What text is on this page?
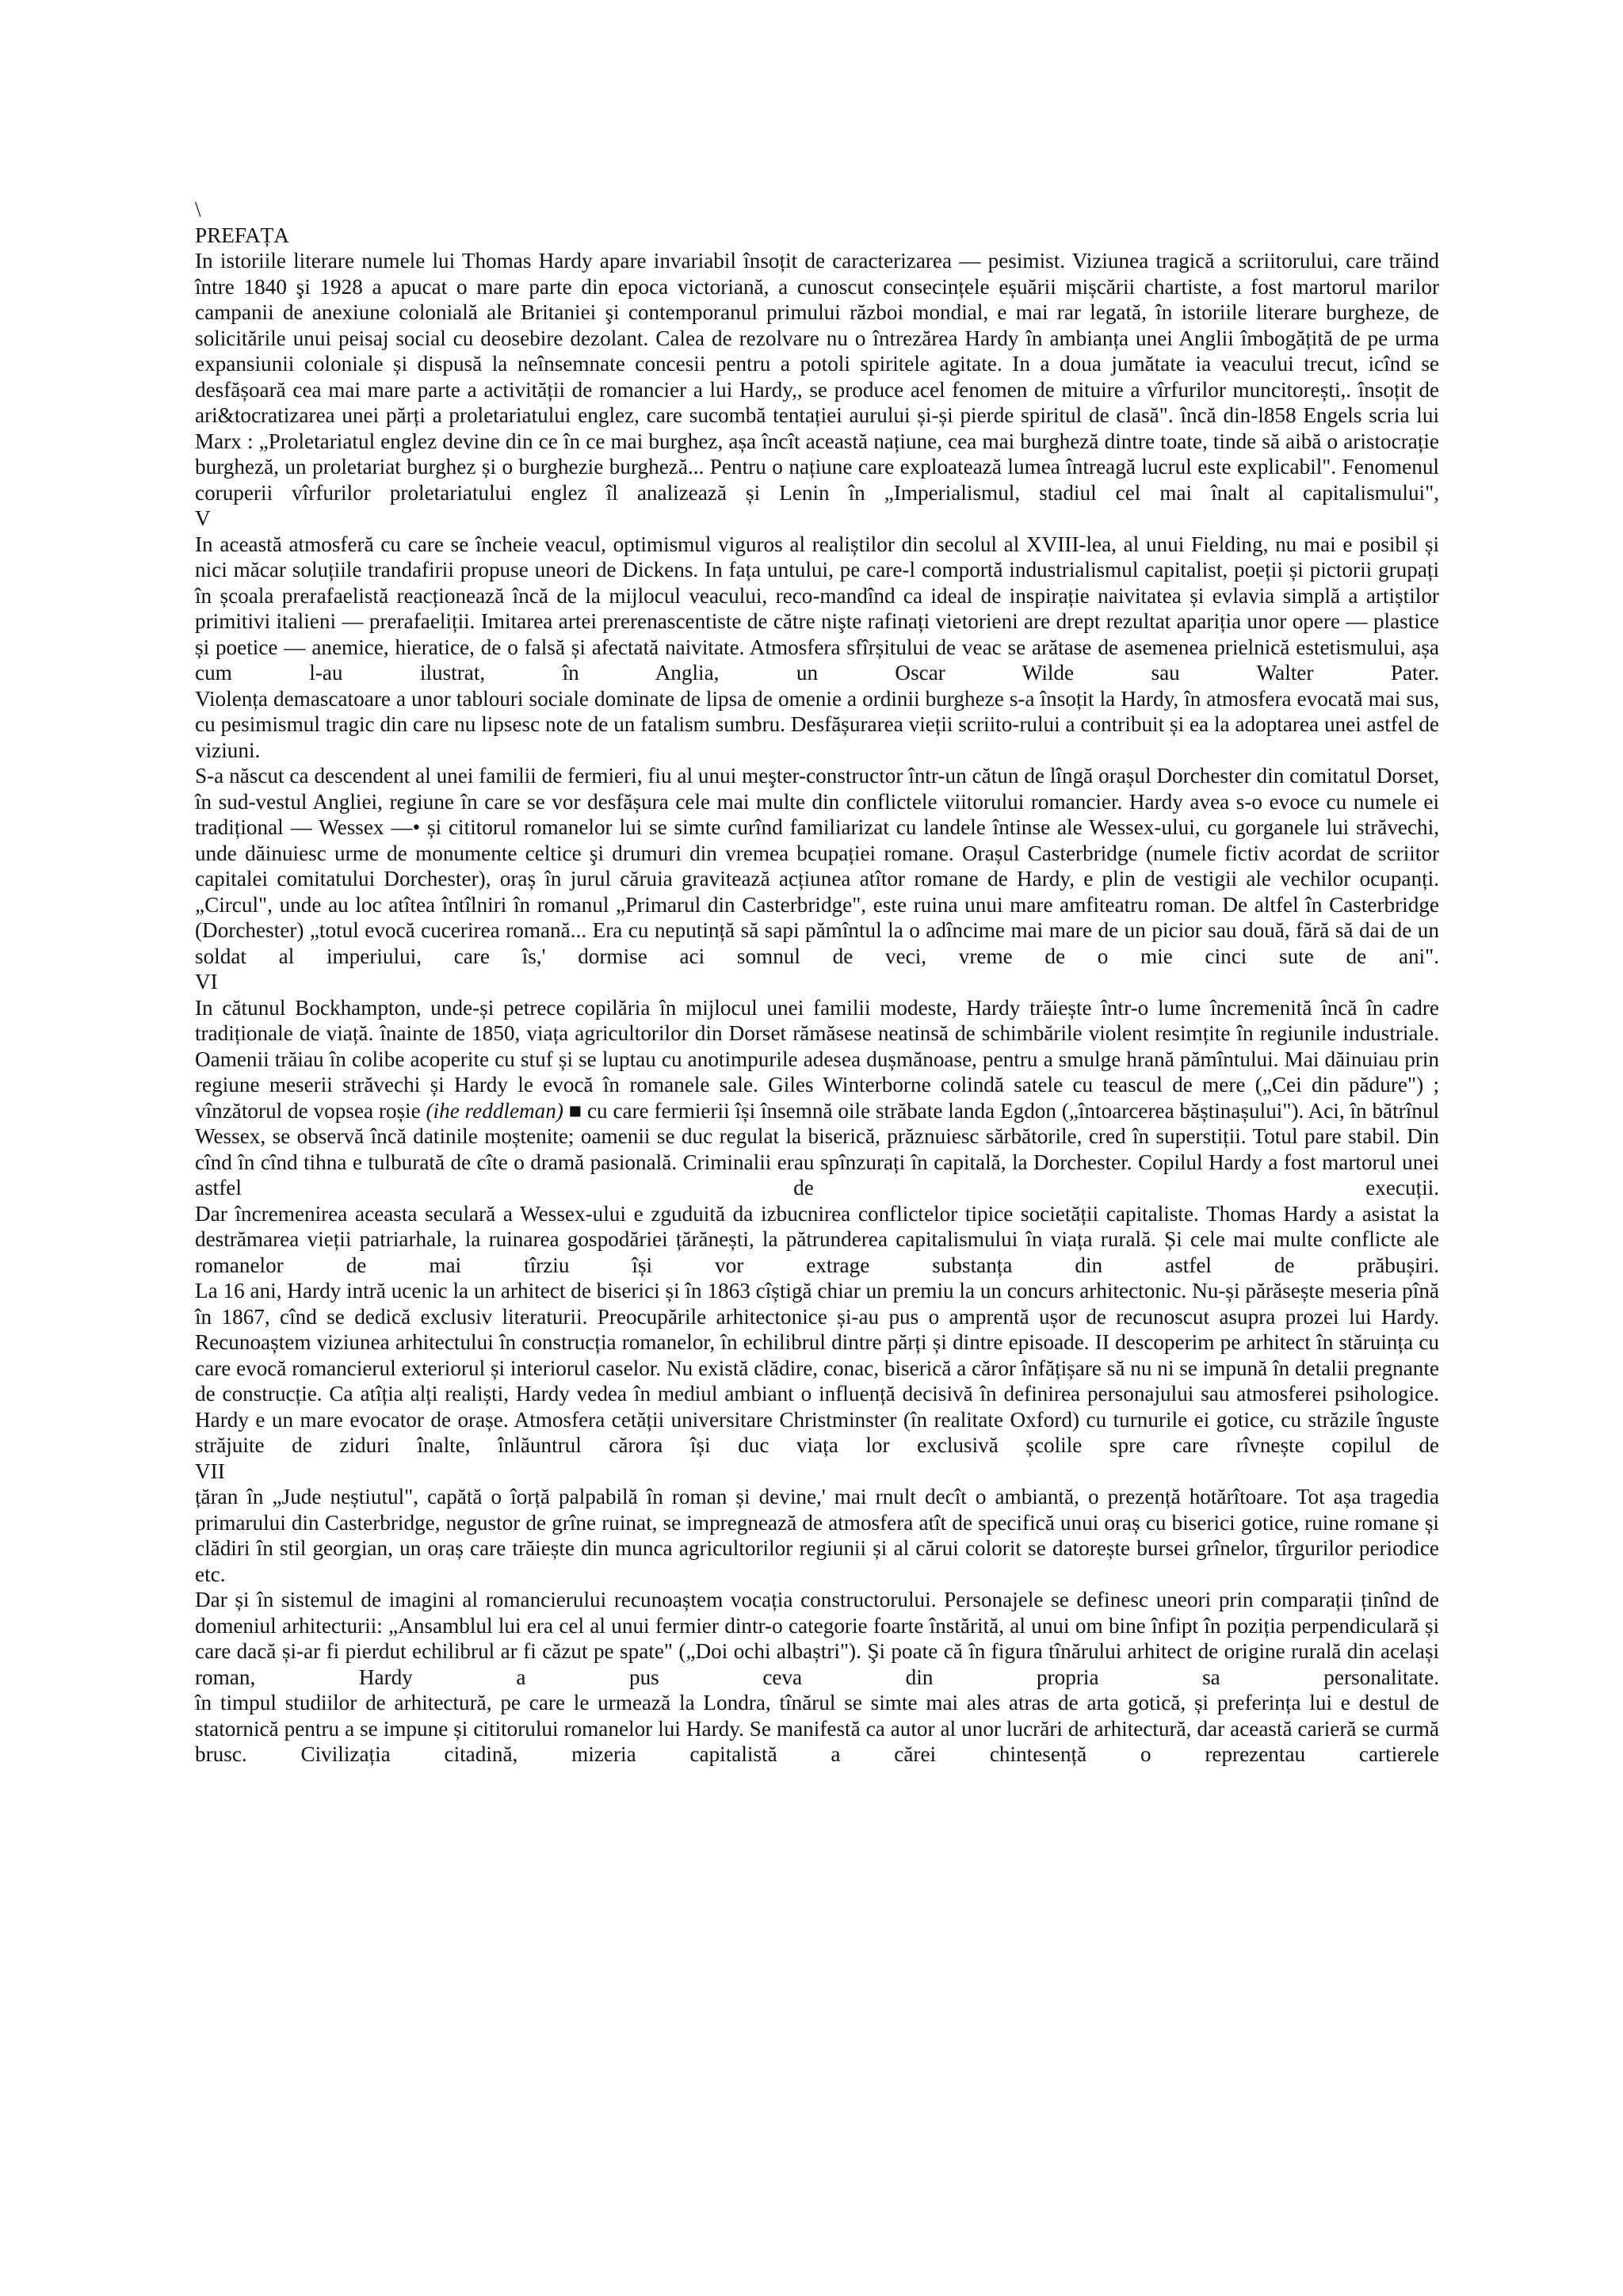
\
PREFAȚA
In istoriile literare numele lui Thomas Hardy apare invariabil însoțit de caracterizarea — pesimist. Viziunea tragică a scriitorului, care trăind între 1840 şi 1928 a apucat o mare parte din epoca victoriană, a cunoscut consecințele eșuării mișcării chartiste, a fost martorul marilor campanii de anexiune colonială ale Britaniei şi contemporanul primului război mondial, e mai rar legată, în istoriile literare burgheze, de solicitările unui peisaj social cu deosebire dezolant. Calea de rezolvare nu o întrezărea Hardy în ambianța unei Anglii îmbogățită de pe urma expansiunii coloniale și dispusă la neînsemnate concesii pentru a potoli spiritele agitate. In a doua jumătate ia veacului trecut, icînd se desfășoară cea mai mare parte a activității de romancier a lui Hardy,, se produce acel fenomen de mituire a vîrfurilor muncitorești,. însoțit de ari&tocratizarea unei părți a proletariatului englez, care sucombă tentației aurului și-și pierde spiritul de clasă". încă din-l858 Engels scria lui Marx : „Proletariatul englez devine din ce în ce mai burghez, așa încît această națiune, cea mai burgheză dintre toate, tinde să aibă o aristocrație burgheză, un proletariat burghez și o burghezie burgheză... Pentru o națiune care exploatează lumea întreagă lucrul este explicabil". Fenomenul coruperii vîrfurilor proletariatului englez îl analizează și Lenin în „Imperialismul, stadiul cel mai înalt al capitalismului",
V
In această atmosferă cu care se încheie veacul, optimismul viguros al realiștilor din secolul al XVIII-lea, al unui Fielding, nu mai e posibil și nici măcar soluțiile trandafirii propuse uneori de Dickens. In fața untului, pe care-l comportă industrialismul capitalist, poeții și pictorii grupați în școala prerafaelistă reacționează încă de la mijlocul veacului, reco-mandînd ca ideal de inspirație naivitatea și evlavia simplă a artiștilor primitivi italieni — prerafaeliții. Imitarea artei prerenascentiste de către nişte rafinați vietorieni are drept rezultat apariția unor opere — plastice și poetice — anemice, hieratice, de o falsă și afectată naivitate. Atmosfera sfîrșitului de veac se arătase de asemenea prielnică estetismului, așa cum l-au ilustrat, în Anglia, un Oscar Wilde sau Walter Pater.
Violența demascatoare a unor tablouri sociale dominate de lipsa de omenie a ordinii burgheze s-a însoțit la Hardy, în atmosfera evocată mai sus, cu pesimismul tragic din care nu lipsesc note de un fatalism sumbru. Desfășurarea vieții scriito-rului a contribuit și ea la adoptarea unei astfel de viziuni.
S-a născut ca descendent al unei familii de fermieri, fiu al unui meşter-constructor într-un cătun de lîngă orașul Dorchester din comitatul Dorset, în sud-vestul Angliei, regiune în care se vor desfășura cele mai multe din conflictele viitorului romancier. Hardy avea s-o evoce cu numele ei tradițional — Wessex —• și cititorul romanelor lui se simte curînd familiarizat cu landele întinse ale Wessex-ului, cu gorganele lui străvechi, unde dăinuiesc urme de monumente celtice şi drumuri din vremea bcupației romane. Orașul Casterbridge (numele fictiv acordat de scriitor capitalei comitatului Dorchester), oraș în jurul căruia gravitează acțiunea atîtor romane de Hardy, e plin de vestigii ale vechilor ocupanți. „Circul", unde au loc atîtea întîlniri în romanul „Primarul din Casterbridge", este ruina unui mare amfiteatru roman. De altfel în Casterbridge (Dorchester) „totul evocă cucerirea romană... Era cu neputință să sapi pămîntul la o adîncime mai mare de un picior sau două, fără să dai de un soldat al imperiului, care îs,' dormise aci somnul de veci, vreme de o mie cinci sute de ani".
VI
In cătunul Bockhampton, unde-și petrece copilăria în mijlocul unei familii modeste, Hardy trăiește într-o lume încremenită încă în cadre tradiționale de viață. înainte de 1850, viața agricultorilor din Dorset rămăsese neatinsă de schimbările violent resimțite în regiunile industriale. Oamenii trăiau în colibe acoperite cu stuf și se luptau cu anotimpurile adesea dușmănoase, pentru a smulge hrană pămîntului. Mai dăinuiau prin regiune meserii străvechi și Hardy le evocă în romanele sale. Giles Winterborne colindă satele cu teascul de mere („Cei din pădure") ; vînzătorul de vopsea roșie (ihe reddleman) ■ cu care fermierii își însemnă oile străbate landa Egdon („întoarcerea băștinașului"). Aci, în bătrînul Wessex, se observă încă datinile moștenite; oamenii se duc regulat la biserică, prăznuiesc sărbătorile, cred în superstiții. Totul pare stabil. Din cînd în cînd tihna e tulburată de cîte o dramă pasională. Criminalii erau spînzurați în capitală, la Dorchester. Copilul Hardy a fost martorul unei astfel de execuții.
Dar încremenirea aceasta seculară a Wessex-ului e zguduită da izbucnirea conflictelor tipice societății capitaliste. Thomas Hardy a asistat la destrămarea vieții patriarhale, la ruinarea gospodăriei țărănești, la pătrunderea capitalismului în viața rurală. Și cele mai multe conflicte ale romanelor de mai tîrziu își vor extrage substanța din astfel de prăbușiri.
La 16 ani, Hardy intră ucenic la un arhitect de biserici și în 1863 cîștigă chiar un premiu la un concurs arhitectonic. Nu-și părăsește meseria pînă în 1867, cînd se dedică exclusiv literaturii. Preocupările arhitectonice și-au pus o amprentă ușor de recunoscut asupra prozei lui Hardy. Recunoaștem viziunea arhitectului în construcția romanelor, în echilibrul dintre părți și dintre episoade. II descoperim pe arhitect în stăruința cu care evocă romancierul exteriorul și interiorul caselor. Nu există clădire, conac, biserică a căror înfățișare să nu ni se impună în detalii pregnante de construcție. Ca atîția alți realiști, Hardy vedea în mediul ambiant o influență decisivă în definirea personajului sau atmosferei psihologice. Hardy e un mare evocator de orașe. Atmosfera cetății universitare Christminster (în realitate Oxford) cu turnurile ei gotice, cu străzile înguste străjuite de ziduri înalte, înlăuntrul cărora își duc viața lor exclusivă școlile spre care rîvnește copilul de
VII
țăran în „Jude neștiutul", capătă o îorță palpabilă în roman și devine,' mai rnult decît o ambiantă, o prezență hotărîtoare. Tot așa tragedia primarului din Casterbridge, negustor de grîne ruinat, se impregnează de atmosfera atît de specifică unui oraș cu biserici gotice, ruine romane și clădiri în stil georgian, un oraș care trăiește din munca agricultorilor regiunii și al cărui colorit se datorește bursei grînelor, tîrgurilor periodice etc.
Dar și în sistemul de imagini al romancierului recunoaștem vocația constructorului. Personajele se definesc uneori prin comparații ținînd de domeniul arhitecturii: „Ansamblul lui era cel al unui fermier dintr-o categorie foarte înstărită, al unui om bine înfipt în poziția perpendiculară și care dacă și-ar fi pierdut echilibrul ar fi căzut pe spate" („Doi ochi albaștri"). Şi poate că în figura tînărului arhitect de origine rurală din același roman, Hardy a pus ceva din propria sa personalitate.
în timpul studiilor de arhitectură, pe care le urmează la Londra, tînărul se simte mai ales atras de arta gotică, și preferința lui e destul de statornică pentru a se impune și cititorului romanelor lui Hardy. Se manifestă ca autor al unor lucrări de arhitectură, dar această carieră se curmă brusc. Civilizația citadină, mizeria capitalistă a cărei chintesență o reprezentau cartierele
